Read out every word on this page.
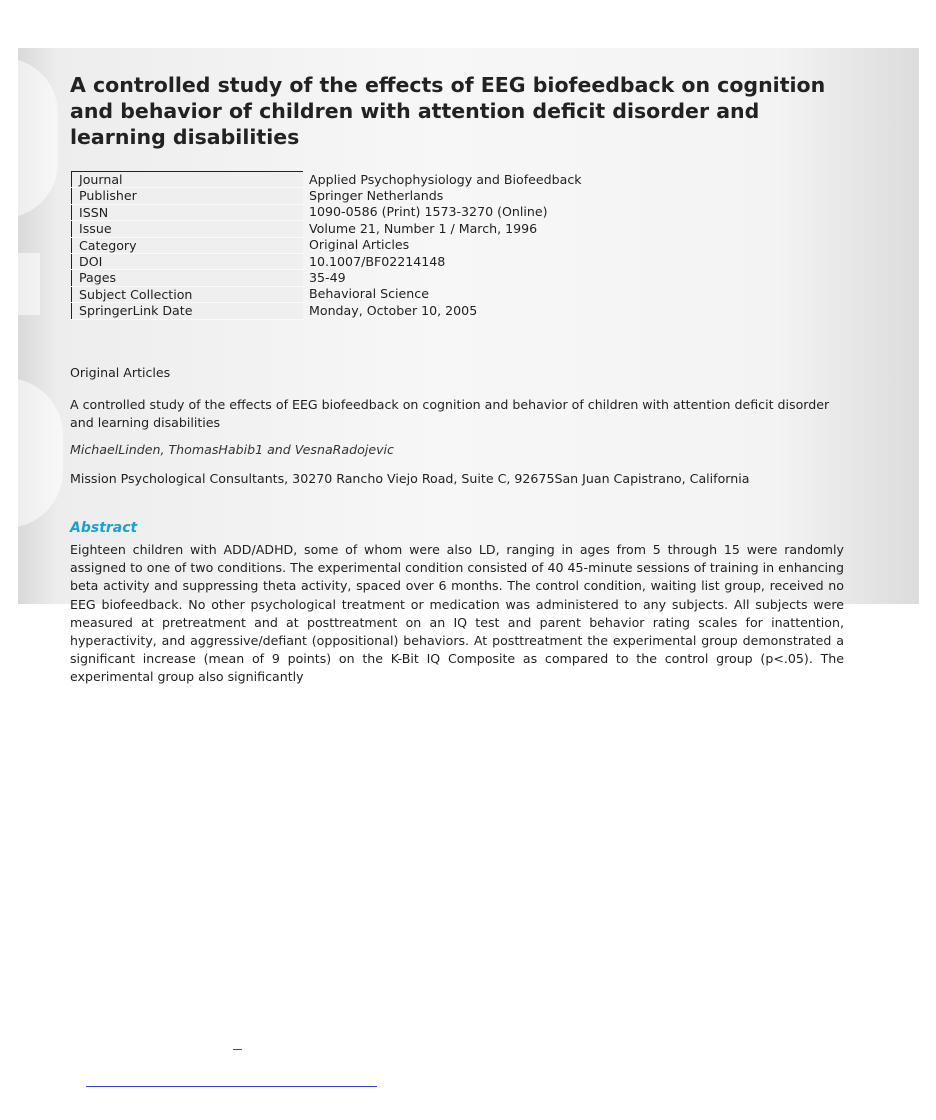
A controlled study of the effects of EEG biofeedback on cognition and behavior of children with attention deficit disorder and learning disabilities
Journal	Applied Psychophysiology and Biofeedback
Publisher	Springer Netherlands
ISSN	1090-0586 (Print) 1573-3270 (Online)
Issue	Volume 21, Number 1 / March, 1996
Category	Original Articles
DOI	10.1007/BF02214148
Pages	35-49
Subject Collection	Behavioral Science
SpringerLink Date	Monday, October 10, 2005

Original Articles

A controlled study of the effects of EEG biofeedback on cognition and behavior of children with attention deficit disorder and learning disabilities

MichaelLinden, ThomasHabib1 and VesnaRadojevic

Mission Psychological Consultants, 30270 Rancho Viejo Road, Suite C, 92675San Juan Capistrano, California

Abstract

Eighteen children with ADD/ADHD, some of whom were also LD, ranging in ages from 5 through 15 were randomly assigned to one of two conditions. The experimental condition consisted of 40 45-minute sessions of training in enhancing beta activity and suppressing theta activity, spaced over 6 months. The control condition, waiting list group, received no EEG biofeedback. No other psychological treatment or medication was administered to any subjects. All subjects were measured at pretreatment and at posttreatment on an IQ test and parent behavior rating scales for inattention, hyperactivity, and aggressive/defiant (oppositional) behaviors. At posttreatment the experimental group demonstrated a significant increase (mean of 9 points) on the K-Bit IQ Composite as compared to the control group (p<.05). The experimental group also significantly
